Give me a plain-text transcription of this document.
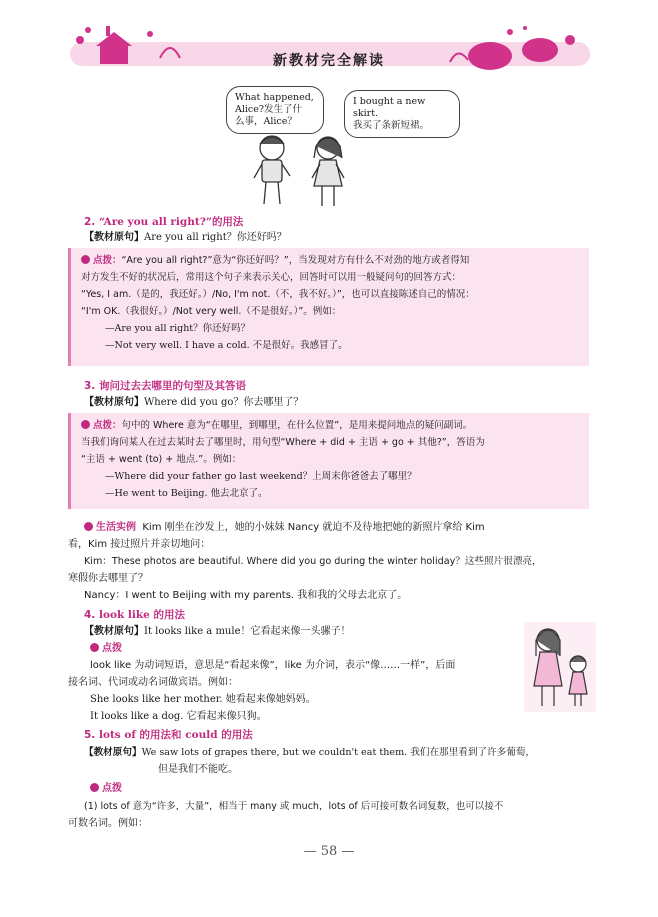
新教材完全解读
What happened,
Alice?发生了什
么事，Alice？
I bought a new skirt.
我买了条新短裙。
2. “Are you all right?”的用法
【教材原句】Are you all right？你还好吗？
点拨：“Are you all right?”意为“你还好吗？”，当发现对方有什么不对劲的地方或者得知
对方发生不好的状况后，常用这个句子来表示关心，回答时可以用一般疑问句的回答方式：
“Yes, I am.（是的，我还好。）/No, I'm not.（不，我不好。）”，也可以直接陈述自己的情况：
“I'm OK.（我很好。）/Not very well.（不是很好。）”。例如：
—Are you all right？你还好吗？
—Not very well. I have a cold. 不是很好。我感冒了。
3. 询问过去去哪里的句型及其答语
【教材原句】Where did you go？你去哪里了？
点拨：句中的 Where 意为“在哪里，到哪里，在什么位置”，是用来提问地点的疑问副词。
当我们询问某人在过去某时去了哪里时，用句型“Where + did + 主语 + go + 其他?”，答语为
“主语 + went (to) + 地点.”。例如：
—Where did your father go last weekend？上周末你爸爸去了哪里？
—He went to Beijing. 他去北京了。
生活实例 Kim 刚坐在沙发上，她的小妹妹 Nancy 就迫不及待地把她的新照片拿给 Kim
看，Kim 接过照片并亲切地问：
Kim：These photos are beautiful. Where did you go during the winter holiday？这些照片很漂亮，
寒假你去哪里了？
Nancy：I went to Beijing with my parents. 我和我的父母去北京了。
4. look like 的用法
【教材原句】It looks like a mule！它看起来像一头骡子！
点拨
look like 为动词短语，意思是“看起来像”，like 为介词，表示“像……一样”，后面
接名词、代词或动名词做宾语。例如：
She looks like her mother. 她看起来像她妈妈。
It looks like a dog. 它看起来像只狗。
5. lots of 的用法和 could 的用法
【教材原句】We saw lots of grapes there, but we couldn't eat them. 我们在那里看到了许多葡萄，
但是我们不能吃。
点拨
(1) lots of 意为“许多，大量”，相当于 many 或 much，lots of 后可接可数名词复数，也可以接不
可数名词。例如：
— 58 —
